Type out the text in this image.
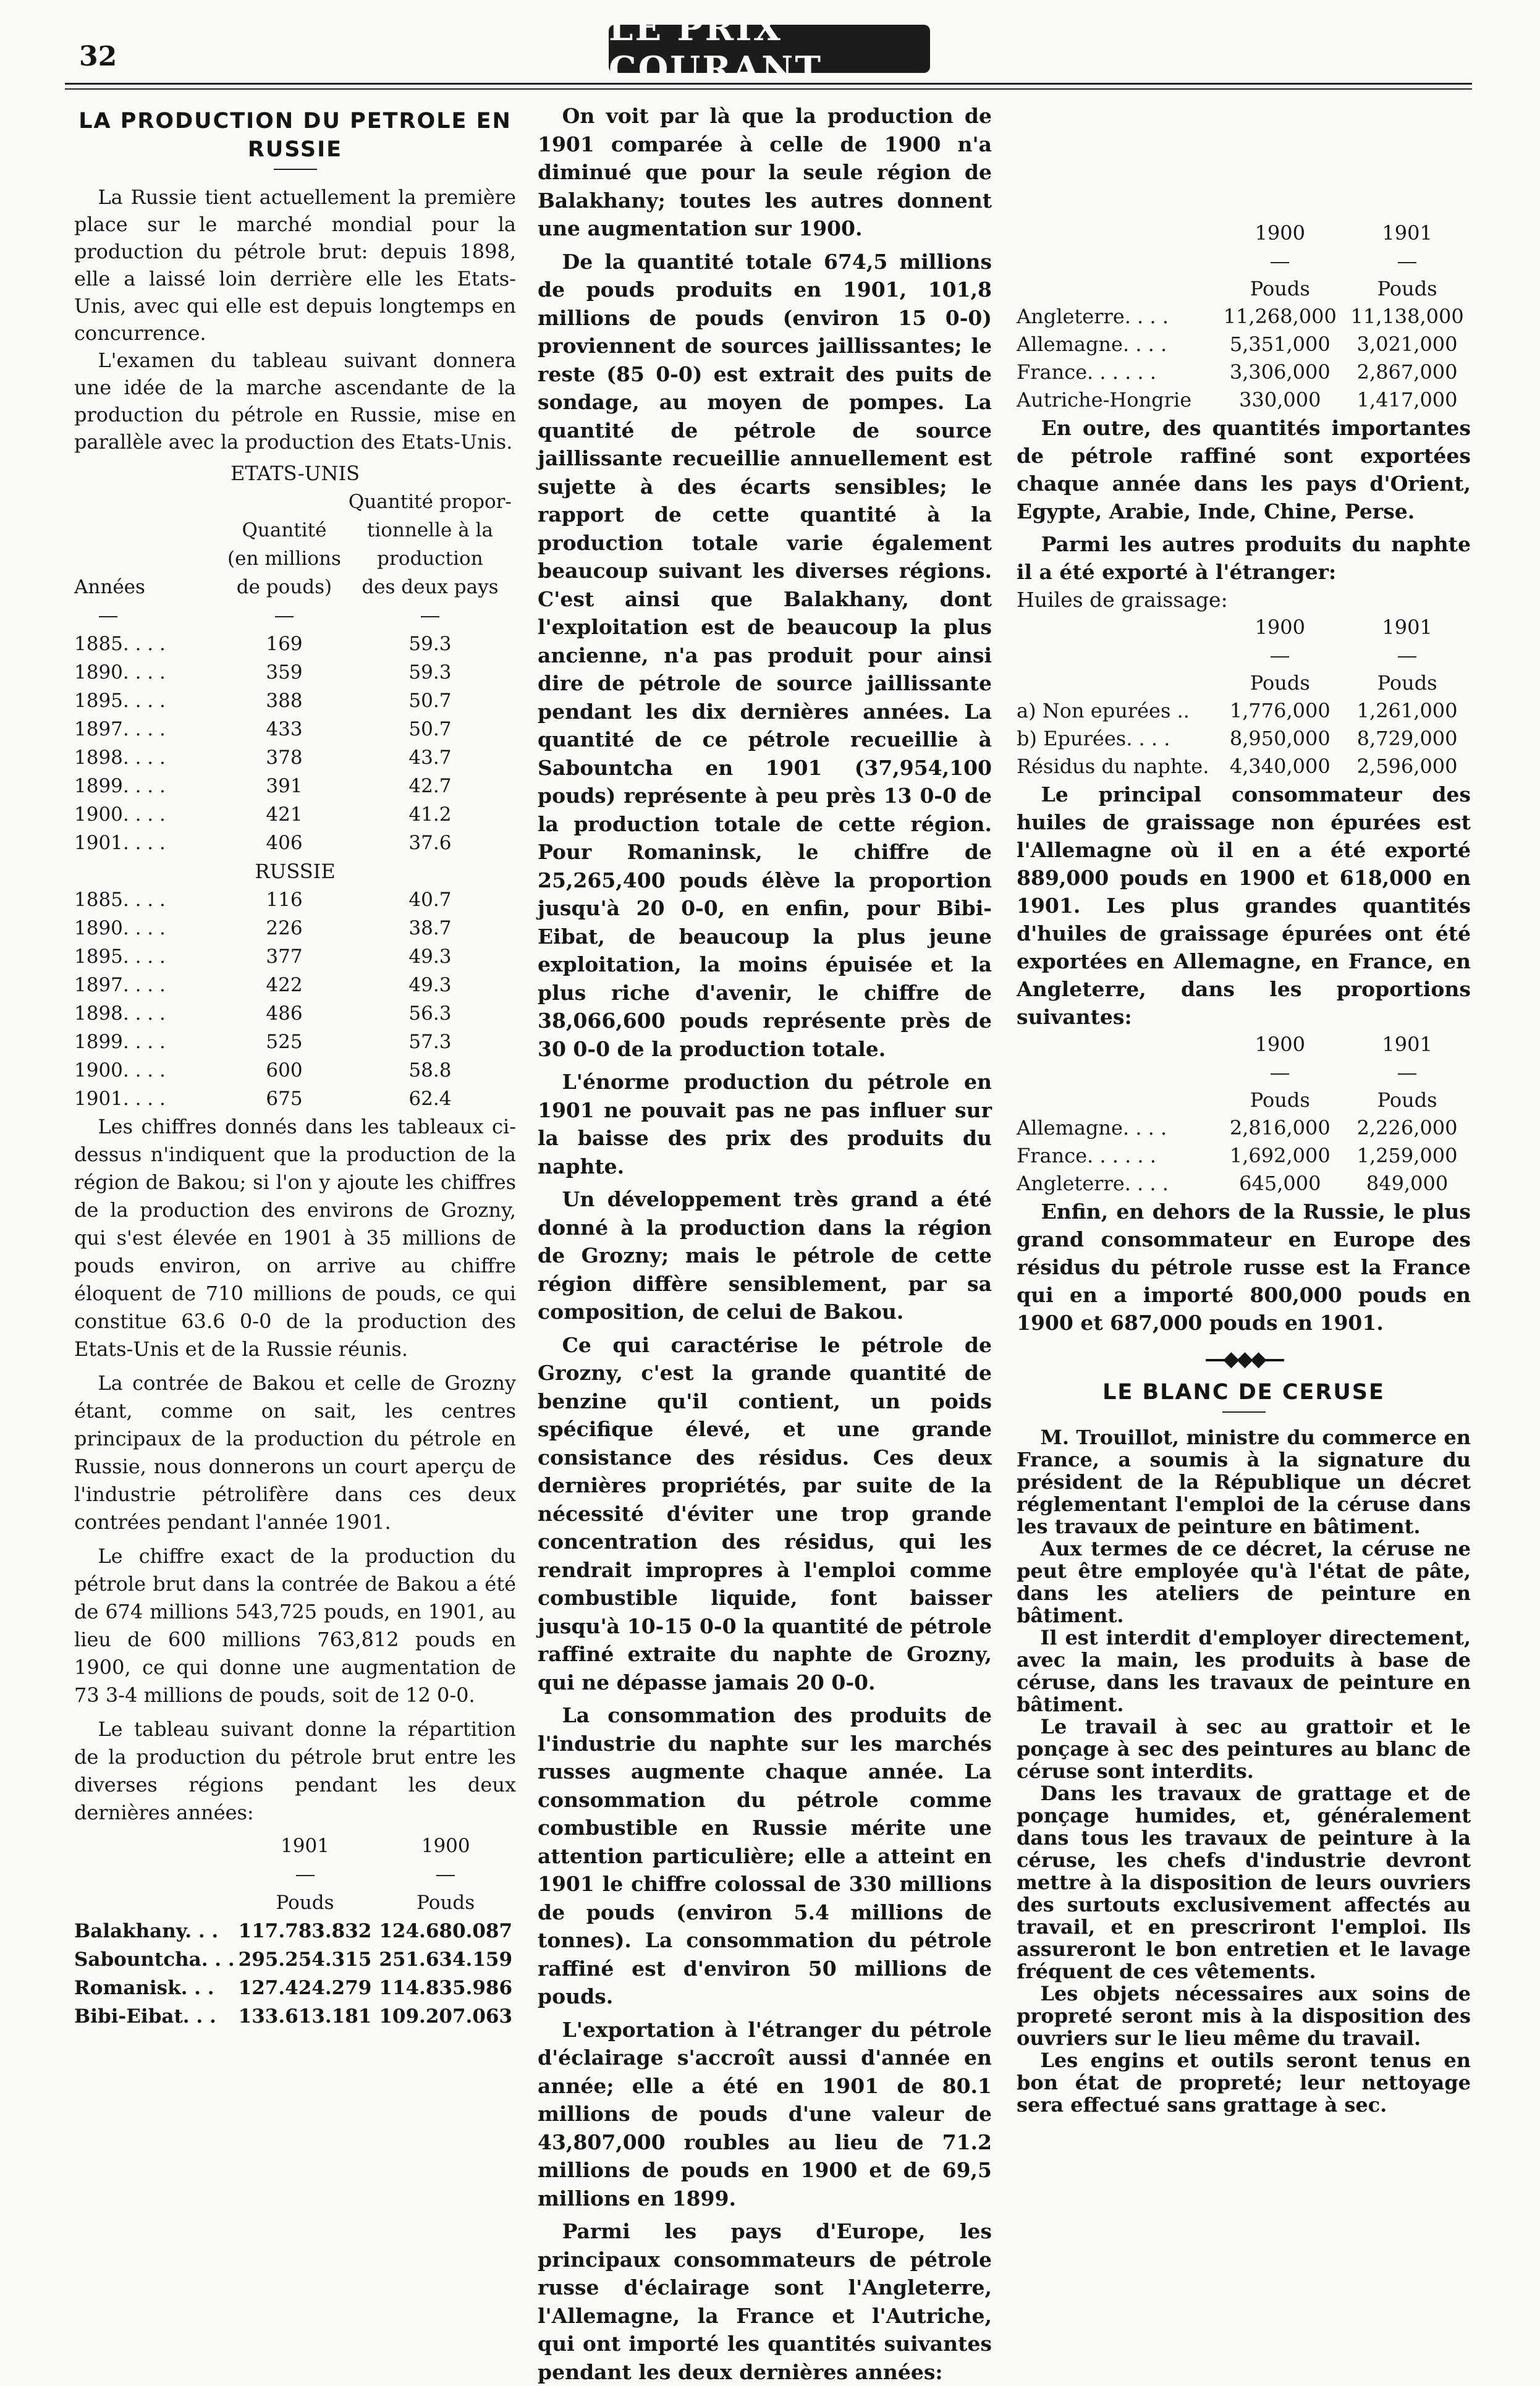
32
LE PRIX COURANT
LA PRODUCTION DU PETROLE EN RUSSIE

La Russie tient actuellement la première place sur le marché mondial pour la production du pétrole brut: depuis 1898, elle a laissé loin derrière elle les Etats-Unis, avec qui elle est depuis longtemps en concurrence.

L'examen du tableau suivant donnera une idée de la marche ascendante de la production du pétrole en Russie, mise en parallèle avec la production des Etats-Unis.

ETATS-UNIS
		Quantité propor-
	Quantité	tionnelle à la
	(en millions	production
Années	de pouds)	des deux pays

1885. . . .	169	59.3
1890. . . .	359	59.3
1895. . . .	388	50.7
1897. . . .	433	50.7
1898. . . .	378	43.7
1899. . . .	391	42.7
1900. . . .	421	41.2
1901. . . .	406	37.6
RUSSIE		
1885. . . .	116	40.7
1890. . . .	226	38.7
1895. . . .	377	49.3
1897. . . .	422	49.3
1898. . . .	486	56.3
1899. . . .	525	57.3
1900. . . .	600	58.8
1901. . . .	675	62.4

Les chiffres donnés dans les tableaux ci-dessus n'indiquent que la production de la région de Bakou; si l'on y ajoute les chiffres de la production des environs de Grozny, qui s'est élevée en 1901 à 35 millions de pouds environ, on arrive au chiffre éloquent de 710 millions de pouds, ce qui constitue 63.6 0-0 de la production des Etats-Unis et de la Russie réunis.

La contrée de Bakou et celle de Grozny étant, comme on sait, les centres principaux de la production du pétrole en Russie, nous donnerons un court aperçu de l'industrie pétrolifère dans ces deux contrées pendant l'année 1901.

Le chiffre exact de la production du pétrole brut dans la contrée de Bakou a été de 674 millions 543,725 pouds, en 1901, au lieu de 600 millions 763,812 pouds en 1900, ce qui donne une augmentation de 73 3-4 millions de pouds, soit de 12 0-0.

Le tableau suivant donne la répartition de la production du pétrole brut entre les diverses régions pendant les deux dernières années:

	1901	1900

	Pouds	Pouds
Balakhany. . .	117.783.832	124.680.087
Sabountcha. . .	295.254.315	251.634.159
Romanisk. . .	127.424.279	114.835.986
Bibi-Eibat. . .	133.613.181	109.207.063

On voit par là que la production de 1901 comparée à celle de 1900 n'a diminué que pour la seule région de Balakhany; toutes les autres donnent une augmentation sur 1900.

De la quantité totale 674,5 millions de pouds produits en 1901, 101,8 millions de pouds (environ 15 0-0) proviennent de sources jaillissantes; le reste (85 0-0) est extrait des puits de sondage, au moyen de pompes. La quantité de pétrole de source jaillissante recueillie annuellement est sujette à des écarts sensibles; le rapport de cette quantité à la production totale varie également beaucoup suivant les diverses régions. C'est ainsi que Balakhany, dont l'exploitation est de beaucoup la plus ancienne, n'a pas produit pour ainsi dire de pétrole de source jaillissante pendant les dix dernières années. La quantité de ce pétrole recueillie à Sabountcha en 1901 (37,954,100 pouds) représente à peu près 13 0-0 de la production totale de cette région. Pour Romaninsk, le chiffre de 25,265,400 pouds élève la proportion jusqu'à 20 0-0, en enfin, pour Bibi-Eibat, de beaucoup la plus jeune exploitation, la moins épuisée et la plus riche d'avenir, le chiffre de 38,066,600 pouds représente près de 30 0-0 de la production totale.

L'énorme production du pétrole en 1901 ne pouvait pas ne pas influer sur la baisse des prix des produits du naphte.

Un développement très grand a été donné à la production dans la région de Grozny; mais le pétrole de cette région diffère sensiblement, par sa composition, de celui de Bakou.

Ce qui caractérise le pétrole de Grozny, c'est la grande quantité de benzine qu'il contient, un poids spécifique élevé, et une grande consistance des résidus. Ces deux dernières propriétés, par suite de la nécessité d'éviter une trop grande concentration des résidus, qui les rendrait impropres à l'emploi comme combustible liquide, font baisser jusqu'à 10-15 0-0 la quantité de pétrole raffiné extraite du naphte de Grozny, qui ne dépasse jamais 20 0-0.

La consommation des produits de l'industrie du naphte sur les marchés russes augmente chaque année. La consommation du pétrole comme combustible en Russie mérite une attention particulière; elle a atteint en 1901 le chiffre colossal de 330 millions de pouds (environ 5.4 millions de tonnes). La consommation du pétrole raffiné est d'environ 50 millions de pouds.

L'exportation à l'étranger du pétrole d'éclairage s'accroît aussi d'année en année; elle a été en 1901 de 80.1 millions de pouds d'une valeur de 43,807,000 roubles au lieu de 71.2 millions de pouds en 1900 et de 69,5 millions en 1899.

Parmi les pays d'Europe, les principaux consommateurs de pétrole russe d'éclairage sont l'Angleterre, l'Allemagne, la France et l'Autriche, qui ont importé les quantités suivantes pendant les deux dernières années:

	1900	1901

	Pouds	Pouds
Angleterre. . . .	11,268,000	11,138,000
Allemagne. . . .	5,351,000	3,021,000
France. . . . . .	3,306,000	2,867,000
Autriche-Hongrie	330,000	1,417,000

En outre, des quantités importantes de pétrole raffiné sont exportées chaque année dans les pays d'Orient, Egypte, Arabie, Inde, Chine, Perse.

Parmi les autres produits du naphte il a été exporté à l'étranger:

Huiles de graissage:
	1900	1901

	Pouds	Pouds
a) Non epurées ..	1,776,000	1,261,000
b) Epurées. . . .	8,950,000	8,729,000
Résidus du naphte.	4,340,000	2,596,000

Le principal consommateur des huiles de graissage non épurées est l'Allemagne où il en a été exporté 889,000 pouds en 1900 et 618,000 en 1901. Les plus grandes quantités d'huiles de graissage épurées ont été exportées en Allemagne, en France, en Angleterre, dans les proportions suivantes:

	1900	1901

	Pouds	Pouds
Allemagne. . . .	2,816,000	2,226,000
France. . . . . .	1,692,000	1,259,000
Angleterre. . . .	645,000	849,000

Enfin, en dehors de la Russie, le plus grand consommateur en Europe des résidus du pétrole russe est la France qui en a importé 800,000 pouds en 1900 et 687,000 pouds en 1901.

—◆◆◆—
LE BLANC DE CERUSE

M. Trouillot, ministre du commerce en France, a soumis à la signature du président de la République un décret réglementant l'emploi de la céruse dans les travaux de peinture en bâtiment.

Aux termes de ce décret, la céruse ne peut être employée qu'à l'état de pâte, dans les ateliers de peinture en bâtiment.

Il est interdit d'employer directement, avec la main, les produits à base de céruse, dans les travaux de peinture en bâtiment.

Le travail à sec au grattoir et le ponçage à sec des peintures au blanc de céruse sont interdits.

Dans les travaux de grattage et de ponçage humides, et, généralement dans tous les travaux de peinture à la céruse, les chefs d'industrie devront mettre à la disposition de leurs ouvriers des surtouts exclusivement affectés au travail, et en prescriront l'emploi. Ils assureront le bon entretien et le lavage fréquent de ces vêtements.

Les objets nécessaires aux soins de propreté seront mis à la disposition des ouvriers sur le lieu même du travail.

Les engins et outils seront tenus en bon état de propreté; leur nettoyage sera effectué sans grattage à sec.
